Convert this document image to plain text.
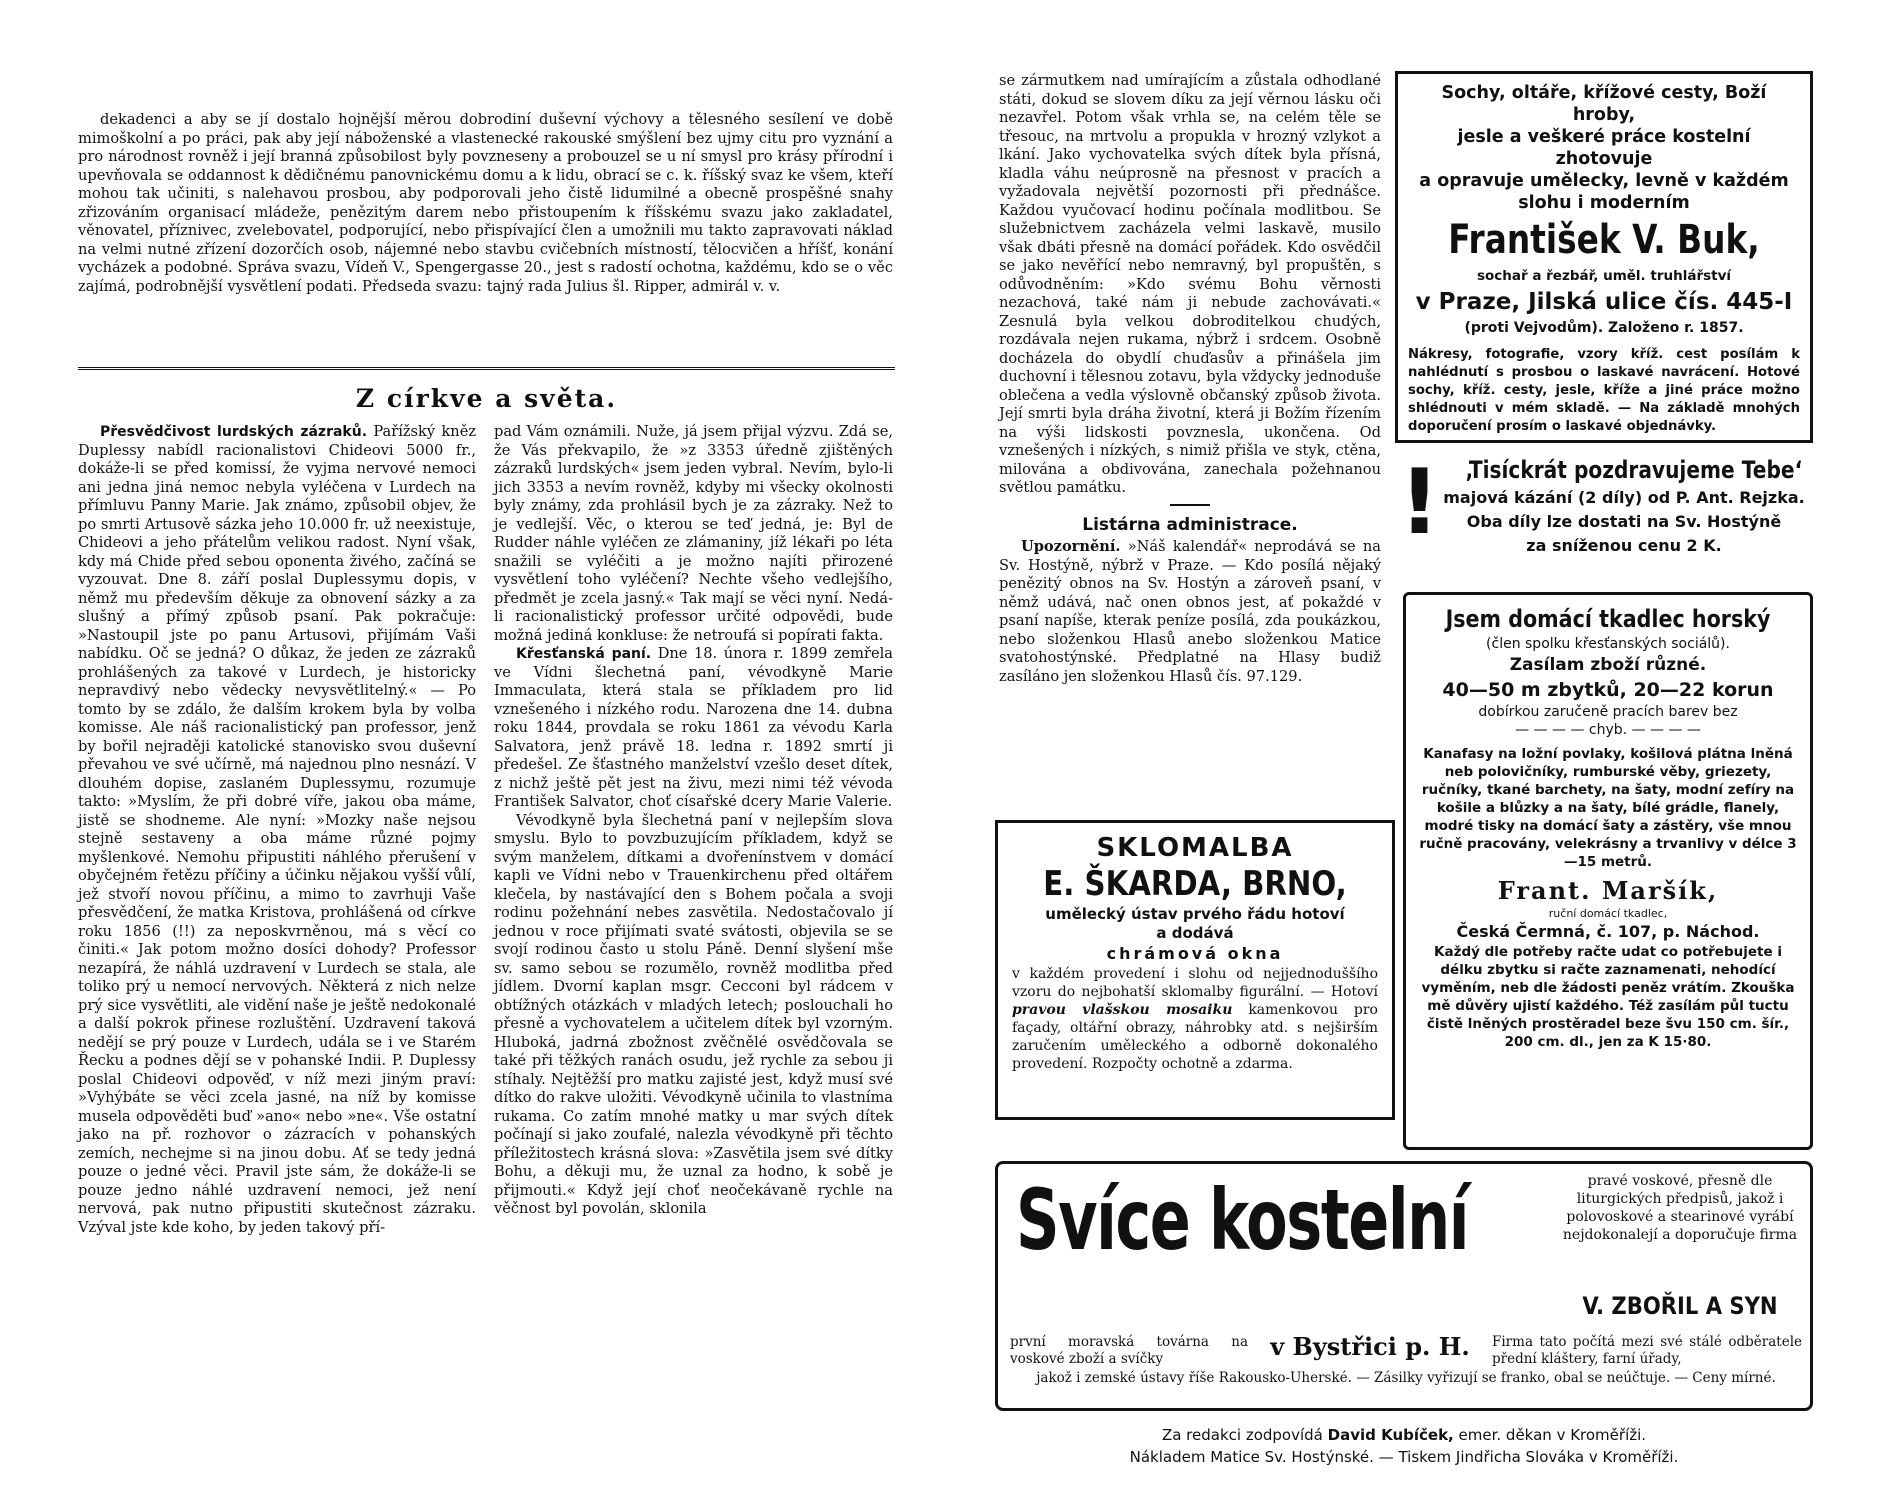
dekadenci a aby se jí dostalo hojnější měrou dobrodiní duševní výchovy a tělesného sesílení ve době mimoškolní a po práci, pak aby její náboženské a vlastenecké rakouské smýšlení bez ujmy citu pro vyznání a pro národnost rovněž i její branná způsobilost byly povzneseny a probouzel se u ní smysl pro krásy přírodní i upevňovala se oddannost k dědičnému panovnickému domu a k lidu, obrací se c. k. říšský svaz ke všem, kteří mohou tak učiniti, s nalehavou prosbou, aby podporovali jeho čistě lidumilné a obecně prospěšné snahy zřizováním organisací mládeže, penězitým darem nebo přistoupením k říšskému svazu jako zakladatel, věnovatel, příznivec, zvelebovatel, podporující, nebo přispívající člen a umožnili mu takto zapravovati náklad na velmi nutné zřízení dozorčích osob, nájemné nebo stavbu cvičebních místností, tělocvičen a hříšť, konání vycházek a podobné. Správa svazu, Vídeň V., Spengergasse 20., jest s radostí ochotna, každému, kdo se o věc zajímá, podrobnější vysvětlení podati. Předseda svazu: tajný rada Julius šl. Ripper, admirál v. v.

Z církve a světa.

Přesvědčivost lurdských zázraků. Pařížský kněz Duplessy nabídl racionalistovi Chideovi 5000 fr., dokáže-li se před komissí, že vyjma nervové nemoci ani jedna jiná nemoc nebyla vyléčena v Lurdech na přímluvu Panny Marie. Jak známo, způsobil objev, že po smrti Artusově sázka jeho 10.000 fr. už neexistuje, Chideovi a jeho přátelům velikou radost. Nyní však, kdy má Chide před sebou oponenta živého, začíná se vyzouvat. Dne 8. září poslal Duplessymu dopis, v němž mu především děkuje za obnovení sázky a za slušný a přímý způsob psaní. Pak pokračuje: »Nastoupil jste po panu Artusovi, přijímám Vaši nabídku. Oč se jedná? O důkaz, že jeden ze zázraků prohlášených za takové v Lurdech, je historicky nepravdivý nebo vědecky nevysvětlitelný.« — Po tomto by se zdálo, že dalším krokem byla by volba komisse. Ale náš racionalistický pan professor, jenž by bořil nejraději katolické stanovisko svou duševní převahou ve své učírně, má najednou plno nesnází. V dlouhém dopise, zaslaném Duplessymu, rozumuje takto: »Myslím, že při dobré víře, jakou oba máme, jistě se shodneme. Ale nyní: »Mozky naše nejsou stejně sestaveny a oba máme různé pojmy myšlenkové. Nemohu připustiti náhlého přerušení v obyčejném řetězu příčiny a účinku nějakou vyšší vůlí, jež stvoří novou příčinu, a mimo to zavrhuji Vaše přesvědčení, že matka Kristova, prohlášená od církve roku 1856 (!!) za neposkvrněnou, má s věcí co činiti.« Jak potom možno dosíci dohody? Professor nezapírá, že náhlá uzdravení v Lurdech se stala, ale toliko prý u nemocí nervových. Některá z nich nelze prý sice vysvětliti, ale vidění naše je ještě nedokonalé a další pokrok přinese rozluštění. Uzdravení taková nedějí se prý pouze v Lurdech, udála se i ve Starém Řecku a podnes dějí se v pohanské Indii. P. Duplessy poslal Chideovi odpověď, v níž mezi jiným praví: »Vyhýbáte se věci zcela jasné, na níž by komisse musela odpověděti buď »ano« nebo »ne«. Vše ostatní jako na př. rozhovor o zázracích v pohanských zemích, nechejme si na jinou dobu. Ať se tedy jedná pouze o jedné věci. Pravil jste sám, že dokáže-li se pouze jedno náhlé uzdravení nemoci, jež není nervová, pak nutno připustiti skutečnost zázraku. Vzýval jste kde koho, by jeden takový pří-

pad Vám oznámili. Nuže, já jsem přijal výzvu. Zdá se, že Vás překvapilo, že »z 3353 úředně zjištěných zázraků lurdských« jsem jeden vybral. Nevím, bylo-li jich 3353 a nevím rovněž, kdyby mi všecky okolnosti byly známy, zda prohlásil bych je za zázraky. Než to je vedlejší. Věc, o kterou se teď jedná, je: Byl de Rudder náhle vyléčen ze zlámaniny, jíž lékaři po léta snažili se vyléčiti a je možno najíti přirozené vysvětlení toho vyléčení? Nechte všeho vedlejšího, předmět je zcela jasný.« Tak mají se věci nyní. Nedá-li racionalistický professor určité odpovědi, bude možná jediná konkluse: že netroufá si popírati fakta.

Křesťanská paní. Dne 18. února r. 1899 zemřela ve Vídni šlechetná paní, vévodkyně Marie Immaculata, která stala se příkladem pro lid vznešeného i nízkého rodu. Narozena dne 14. dubna roku 1844, provdala se roku 1861 za vévodu Karla Salvatora, jenž právě 18. ledna r. 1892 smrtí ji předešel. Ze šťastného manželství vzešlo deset dítek, z nichž ještě pět jest na živu, mezi nimi též vévoda František Salvator, choť císařské dcery Marie Valerie.

Vévodkyně byla šlechetná paní v nejlepším slova smyslu. Bylo to povzbuzujícím příkladem, když se svým manželem, dítkami a dvořenínstvem v domácí kapli ve Vídni nebo v Trauenkirchenu před oltářem klečela, by nastávající den s Bohem počala a svoji rodinu požehnání nebes zasvětila. Nedostačovalo jí jednou v roce přijímati svaté svátosti, objevila se se svojí rodinou často u stolu Páně. Denní slyšení mše sv. samo sebou se rozumělo, rovněž modlitba před jídlem. Dvorní kaplan msgr. Cecconi byl rádcem v obtížných otázkách v mladých letech; poslouchali ho přesně a vychovatelem a učitelem dítek byl vzorným. Hluboká, jadrná zbožnost zvěčnělé osvědčovala se také při těžkých ranách osudu, jež rychle za sebou ji stíhaly. Nejtěžší pro matku zajisté jest, když musí své dítko do rakve uložiti. Vévodkyně učinila to vlastníma rukama. Co zatím mnohé matky u mar svých dítek počínají si jako zoufalé, nalezla vévodkyně při těchto příležitostech krásná slova: »Zasvětila jsem své dítky Bohu, a děkuji mu, že uznal za hodno, k sobě je přijmouti.« Když její choť neočekávaně rychle na věčnost byl povolán, sklonila

se zármutkem nad umírajícím a zůstala odhodlané státi, dokud se slovem díku za její věrnou lásku oči nezavřel. Potom však vrhla se, na celém těle se třesouc, na mrtvolu a propukla v hrozný vzlykot a lkání. Jako vychovatelka svých dítek byla přísná, kladla váhu neúprosně na přesnost v pracích a vyžadovala největší pozornosti při přednášce. Každou vyučovací hodinu počínala modlitbou. Se služebnictvem zacházela velmi laskavě, musilo však dbáti přesně na domácí pořádek. Kdo osvědčil se jako nevěřící nebo nemravný, byl propuštěn, s odůvodněním: »Kdo svému Bohu věrnosti nezachová, také nám ji nebude zachovávati.« Zesnulá byla velkou dobroditelkou chudých, rozdávala nejen rukama, nýbrž i srdcem. Osobně docházela do obydlí chuďasův a přinášela jim duchovní i tělesnou zotavu, byla vždycky jednoduše oblečena a vedla výslovně občanský způsob života. Její smrti byla dráha životní, která ji Božím řízením na výši lidskosti povznesla, ukončena. Od vznešených i nízkých, s nimiž přišla ve styk, ctěna, milována a obdivována, zanechala požehnanou světlou památku.

Listárna administrace.

Upozornění. »Náš kalendář« neprodává se na Sv. Hostýně, nýbrž v Praze. — Kdo posílá nějaký penězitý obnos na Sv. Hostýn a zároveň psaní, v němž udává, nač onen obnos jest, ať pokaždé v psaní napíše, kterak peníze posílá, zda poukázkou, nebo složenkou Hlasů anebo složenkou Matice svatohostýnské. Předplatné na Hlasy budiž zasíláno jen složenkou Hlasů čís. 97.129.

Sochy, oltáře, křížové cesty, Boží hroby,
jesle a veškeré práce kostelní zhotovuje
a opravuje umělecky, levně v každém
slohu i moderním
František V. Buk,
sochař a řezbář, uměl. truhlářství
v Praze, Jilská ulice čís. 445-I
(proti Vejvodům). Založeno r. 1857.

Nákresy, fotografie, vzory kříž. cest posílám k nahlédnutí s prosbou o laskavé navrácení. Hotové sochy, kříž. cesty, jesle, kříže a jiné práce možno shlédnouti v mém skladě. — Na základě mnohých doporučení prosím o laskavé objednávky.

! ‚Tisíckrát pozdravujeme Tebe‘
majová kázání (2 díly) od P. Ant. Rejzka.
Oba díly lze dostati na Sv. Hostýně
za sníženou cenu 2 K.
SKLOMALBA
E. ŠKARDA, BRNO,
umělecký ústav prvého řádu hotoví
a dodává
chrámová okna

v každém provedení i slohu od nejjednoduššího vzoru do nejbohatší sklomalby figurální. — Hotoví pravou vlašskou mosaiku kamenkovou pro façady, oltářní obrazy, náhrobky atd. s nejširším zaručením uměleckého a odborně dokonalého provedení. Rozpočty ochotně a zdarma.

Jsem domácí tkadlec horský
(člen spolku křesťanských sociálů).
Zasílam zboží různé.
40—50 m zbytků, 20—22 korun
dobírkou zaručeně pracích barev bez
— — — — chyb. — — — —

Kanafasy na ložní povlaky, košilová plátna lněná neb polovičníky, rumburské věby, griezety, ručníky, tkané barchety, na šaty, modní zefíry na košile a blůzky a na šaty, bílé grádle, flanely, modré tisky na domácí šaty a zástěry, vše mnou ručně pracovány, velekrásny a trvanlivy v délce 3—15 metrů.

Frant. Maršík,
ruční domácí tkadlec,
Česká Čermná, č. 107, p. Náchod.

Každý dle potřeby račte udat co potřebujete i délku zbytku si račte zaznamenati, nehodící vyměním, neb dle žádosti peněz vrátím. Zkouška mě důvěry ujistí každého. Též zasílám půl tuctu čistě lněných prostěradel beze švu 150 cm. šír., 200 cm. dl., jen za K 15·80.

Svíce kostelní	pravé voskové, přesně dle liturgických předpisů, jakož i polovoskové a stearinové vyrábí nejdokonalejí a doporučuje firma

V. ZBOŘIL A SYN

první moravská továrna na voskové zboží a svíčky	v Bystřici p. H.	Firma tato počítá mezi své stálé odběratele přední kláštery, farní úřady,

jakož i zemské ústavy říše Rakousko-Uherské. — Zásilky vyřizují se franko, obal se neúčtuje. — Ceny mírné.

Za redakci zodpovídá David Kubíček, emer. děkan v Kroměříži.
Nákladem Matice Sv. Hostýnské. — Tiskem Jindřicha Slováka v Kroměříži.
